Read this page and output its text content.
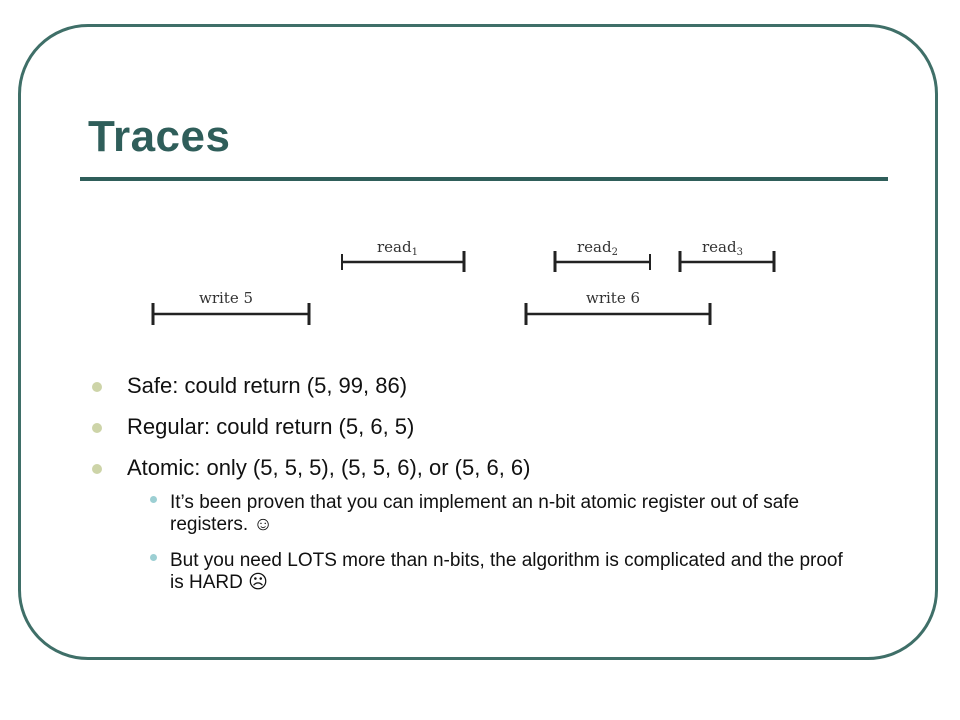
Traces
read$_1$	read$_2$	read$_3$
write 5	write 6
Safe: could return (5, 99, 86)
Regular: could return (5, 6, 5)
Atomic: only (5, 5, 5), (5, 5, 6), or (5, 6, 6)
It’s been proven that you can implement an n-bit atomic register out of safe registers. ☺
But you need LOTS more than n-bits, the algorithm is complicated and the proof is HARD ☹
